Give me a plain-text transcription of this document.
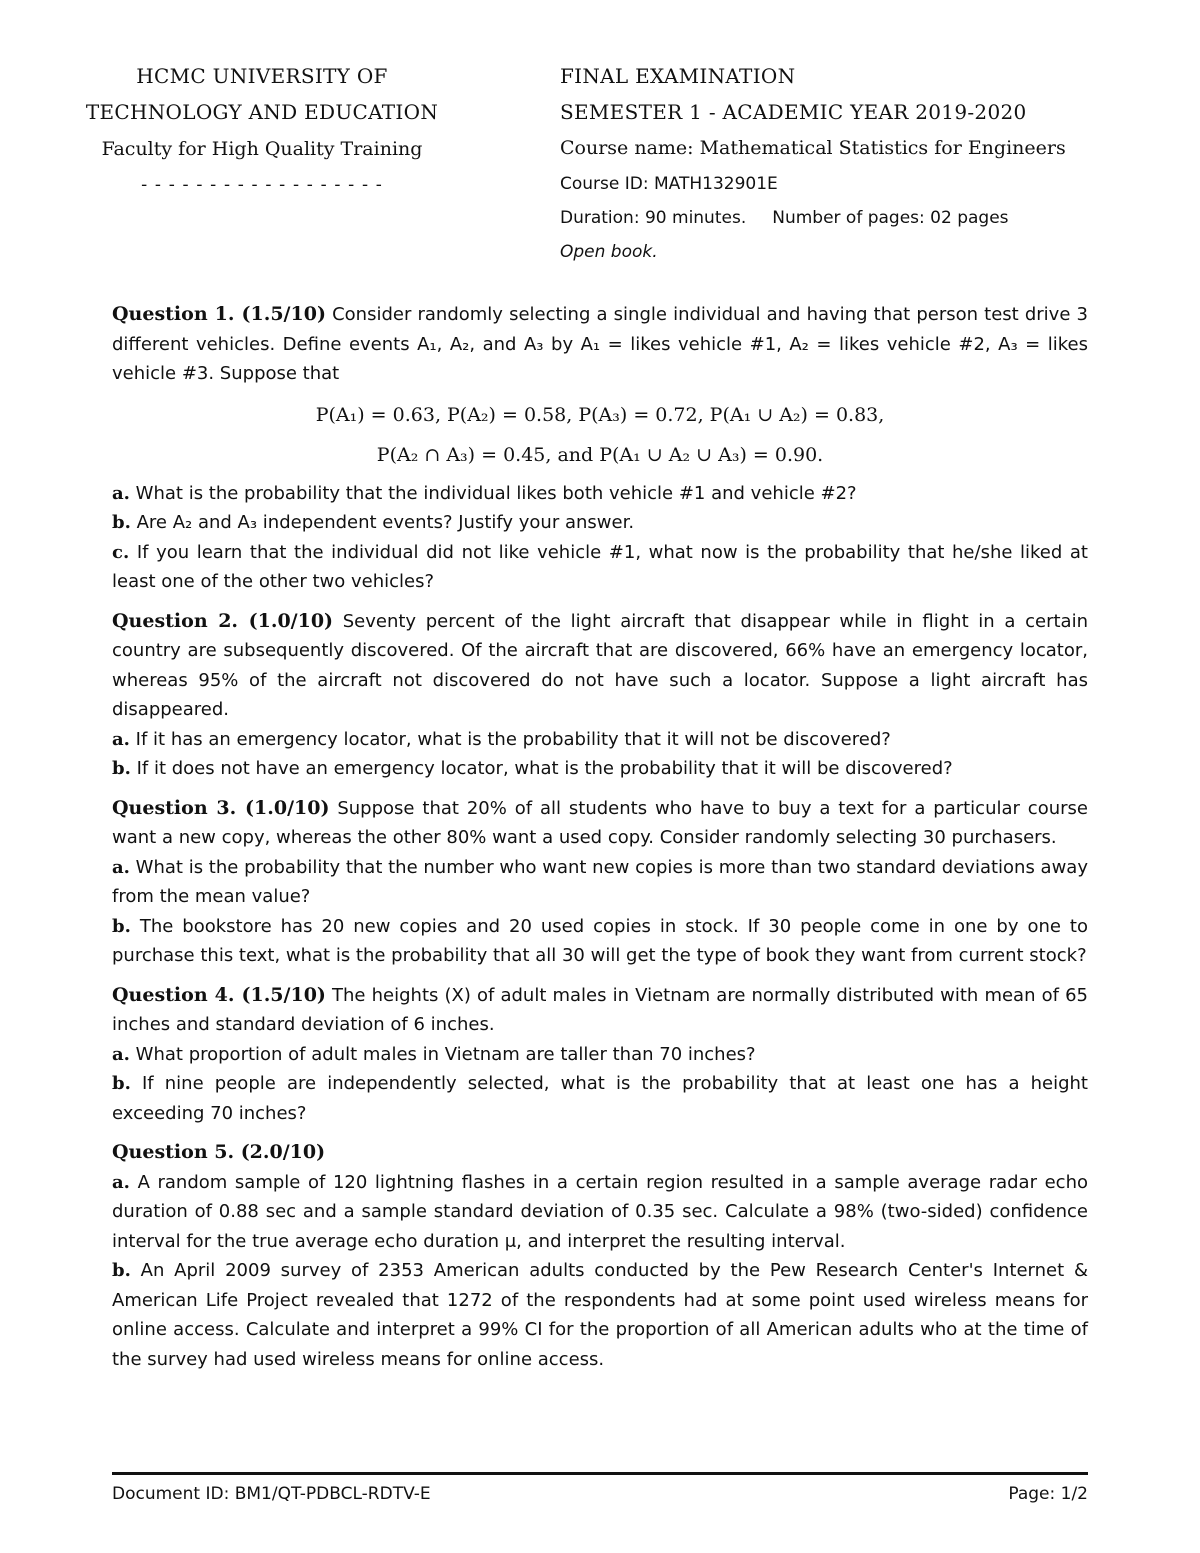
HCMC UNIVERSITY OF
TECHNOLOGY AND EDUCATION
Faculty for High Quality Training
- - - - - - - - - - - - - - - - - -
FINAL EXAMINATION
SEMESTER 1 - ACADEMIC YEAR 2019-2020
Course name: Mathematical Statistics for Engineers
Course ID: MATH132901E
Duration: 90 minutes. Number of pages: 02 pages
Open book.
Question 1. (1.5/10) Consider randomly selecting a single individual and having that person test drive 3 different vehicles. Define events A₁, A₂, and A₃ by A₁ = likes vehicle #1, A₂ = likes vehicle #2, A₃ = likes vehicle #3. Suppose that
P(A₁) = 0.63, P(A₂) = 0.58, P(A₃) = 0.72, P(A₁ ∪ A₂) = 0.83,
P(A₂ ∩ A₃) = 0.45, and P(A₁ ∪ A₂ ∪ A₃) = 0.90.
a. What is the probability that the individual likes both vehicle #1 and vehicle #2?
b. Are A₂ and A₃ independent events? Justify your answer.
c. If you learn that the individual did not like vehicle #1, what now is the probability that he/she liked at least one of the other two vehicles?
Question 2. (1.0/10) Seventy percent of the light aircraft that disappear while in flight in a certain country are subsequently discovered. Of the aircraft that are discovered, 66% have an emergency locator, whereas 95% of the aircraft not discovered do not have such a locator. Suppose a light aircraft has disappeared.
a. If it has an emergency locator, what is the probability that it will not be discovered?
b. If it does not have an emergency locator, what is the probability that it will be discovered?
Question 3. (1.0/10) Suppose that 20% of all students who have to buy a text for a particular course want a new copy, whereas the other 80% want a used copy. Consider randomly selecting 30 purchasers.
a. What is the probability that the number who want new copies is more than two standard deviations away from the mean value?
b. The bookstore has 20 new copies and 20 used copies in stock. If 30 people come in one by one to purchase this text, what is the probability that all 30 will get the type of book they want from current stock?
Question 4. (1.5/10) The heights (X) of adult males in Vietnam are normally distributed with mean of 65 inches and standard deviation of 6 inches.
a. What proportion of adult males in Vietnam are taller than 70 inches?
b. If nine people are independently selected, what is the probability that at least one has a height exceeding 70 inches?
Question 5. (2.0/10)
a. A random sample of 120 lightning flashes in a certain region resulted in a sample average radar echo duration of 0.88 sec and a sample standard deviation of 0.35 sec. Calculate a 98% (two-sided) confidence interval for the true average echo duration μ, and interpret the resulting interval.
b. An April 2009 survey of 2353 American adults conducted by the Pew Research Center's Internet & American Life Project revealed that 1272 of the respondents had at some point used wireless means for online access. Calculate and interpret a 99% CI for the proportion of all American adults who at the time of the survey had used wireless means for online access.
Document ID: BM1/QT-PDBCL-RDTV-E	Page: 1/2
